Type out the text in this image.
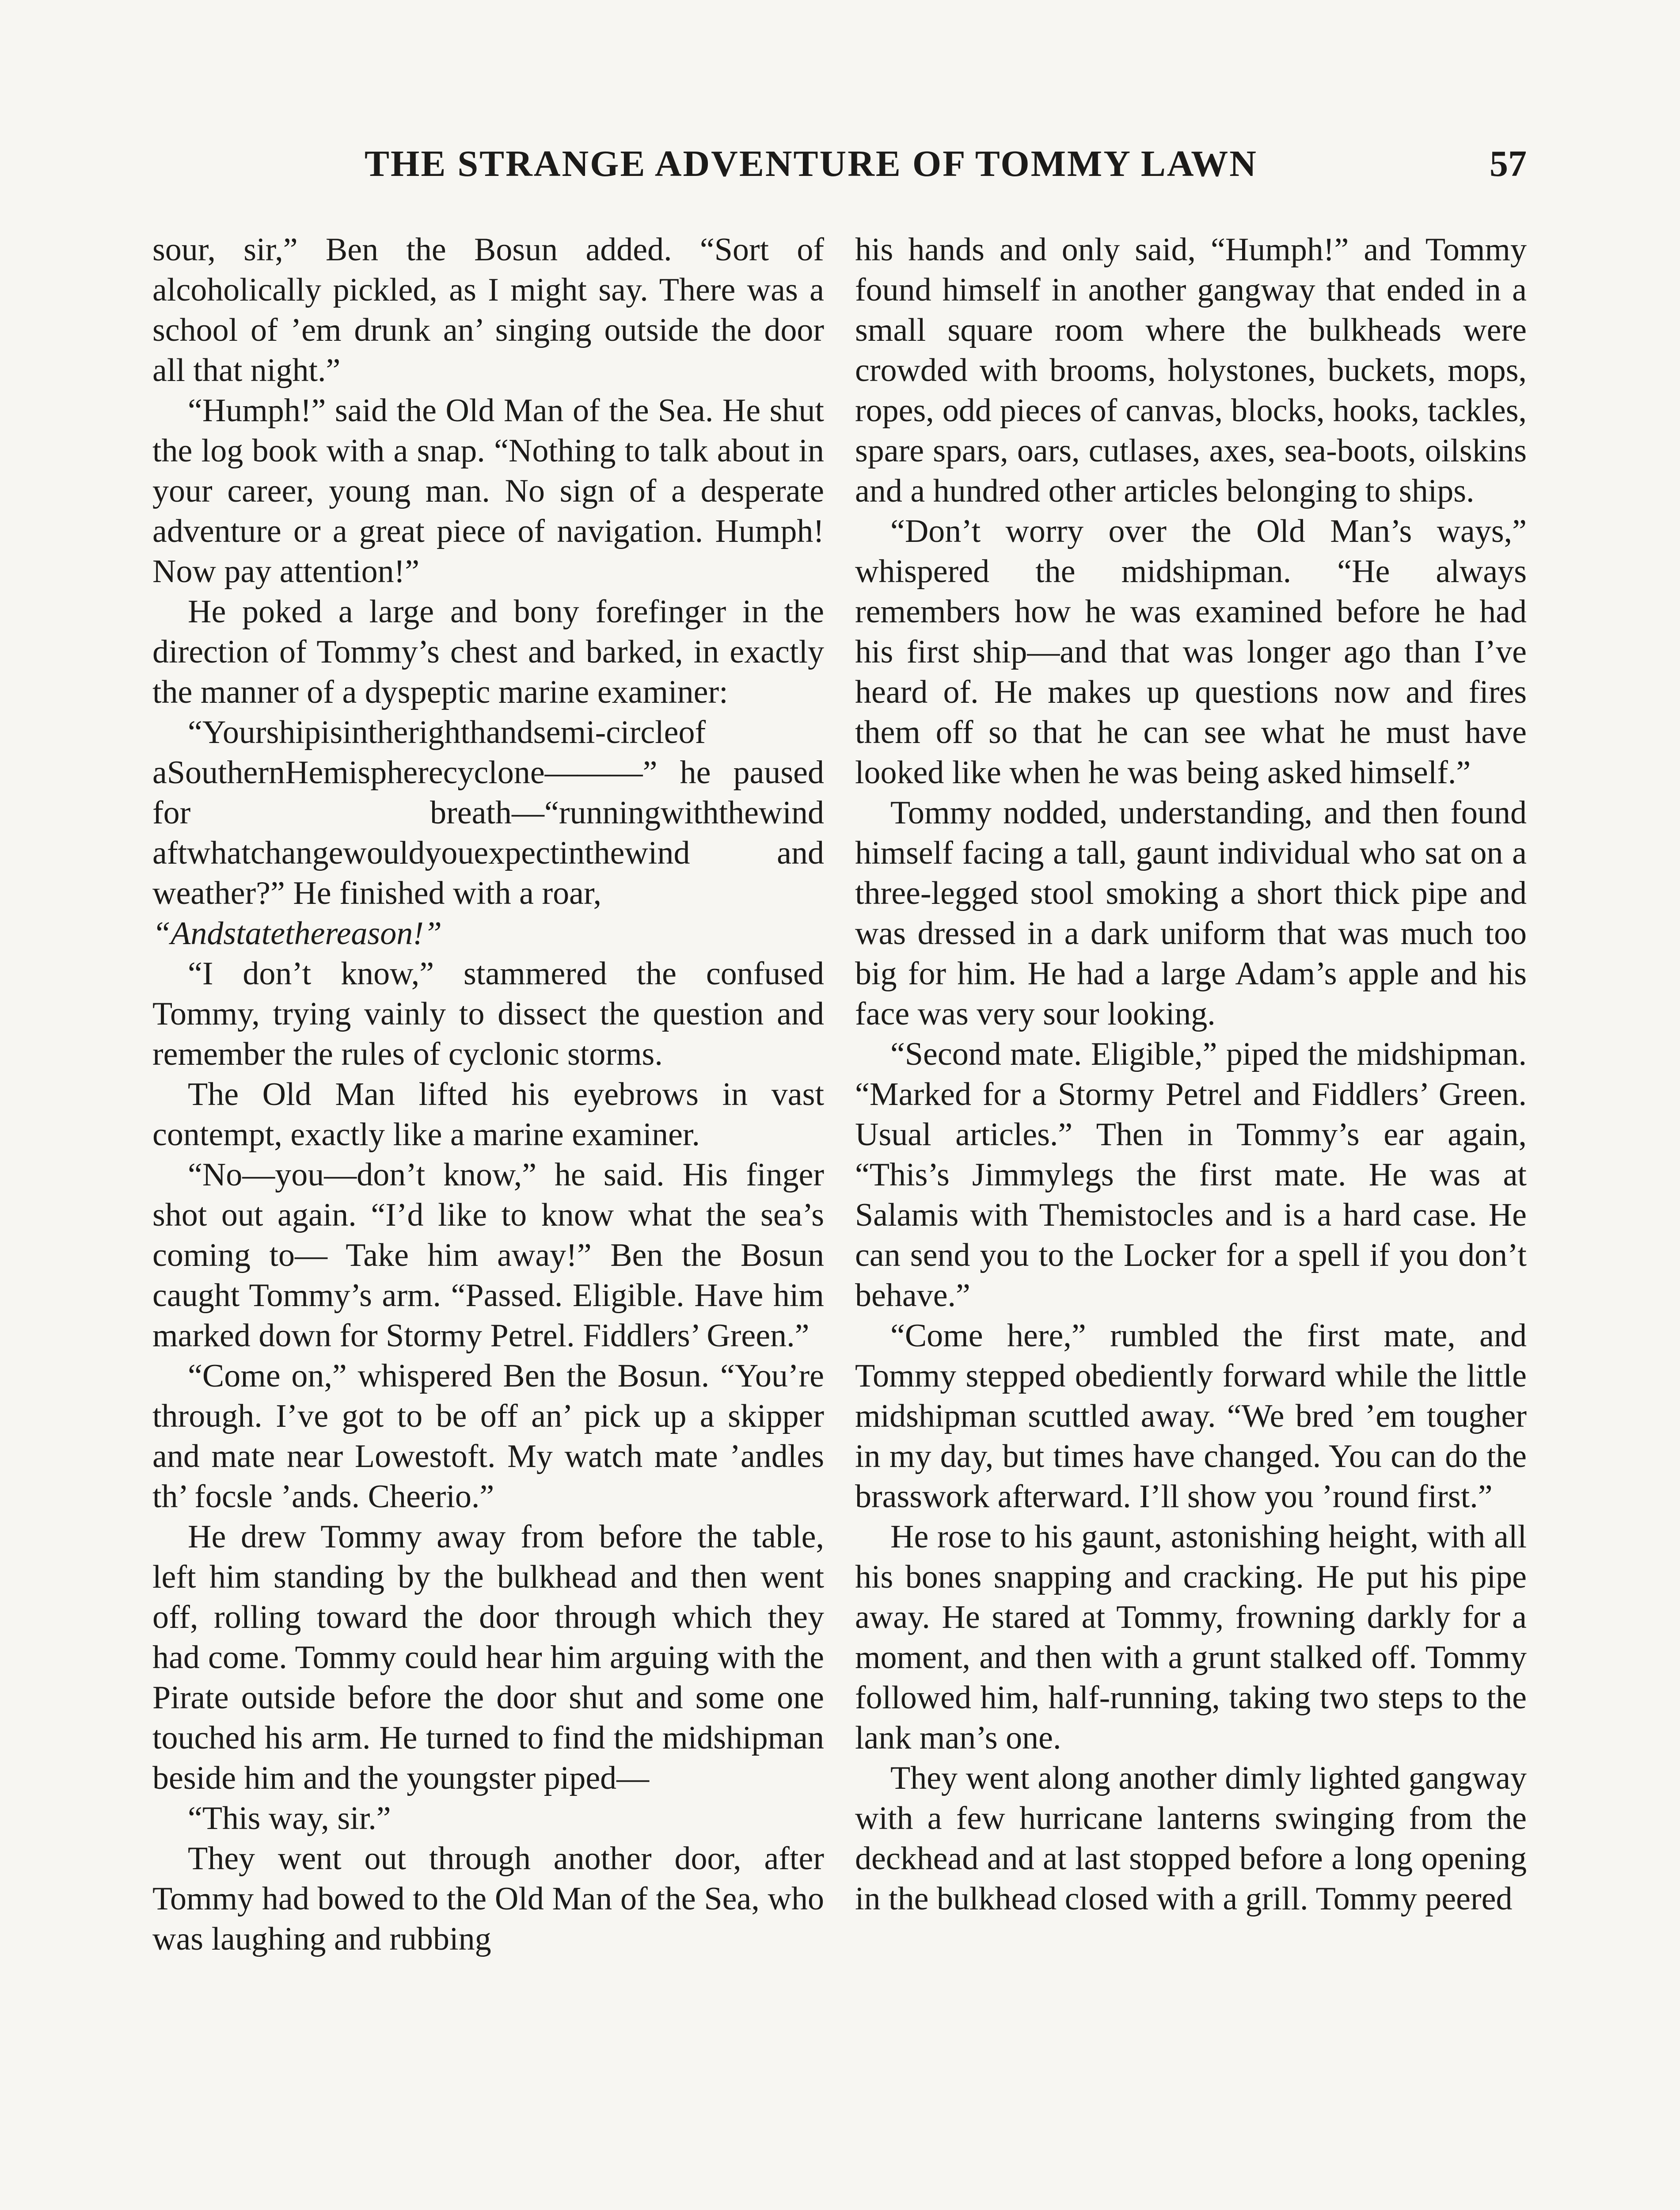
THE STRANGE ADVENTURE OF TOMMY LAWN	57

sour, sir,” Ben the Bosun added. “Sort of alcoholically pickled, as I might say. There was a school of ’em drunk an’ singing outside the door all that night.”

“Humph!” said the Old Man of the Sea. He shut the log book with a snap. “Nothing to talk about in your career, young man. No sign of a desperate adventure or a great piece of navigation. Humph! Now pay attention!”

He poked a large and bony forefinger in the direction of Tommy’s chest and barked, in exactly the manner of a dyspeptic marine examiner:

“Yourshipisintherighthandsemi-circleof aSouthernHemispherecyclone———” he paused for breath—“runningwiththewind aftwhatchangewouldyouexpectinthewind and weather?” He finished with a roar,

“Andstatethereason!”

“I don’t know,” stammered the confused Tommy, trying vainly to dissect the question and remember the rules of cyclonic storms.

The Old Man lifted his eyebrows in vast contempt, exactly like a marine examiner.

“No—you—don’t know,” he said. His finger shot out again. “I’d like to know what the sea’s coming to— Take him away!” Ben the Bosun caught Tommy’s arm. “Passed. Eligible. Have him marked down for Stormy Petrel. Fiddlers’ Green.”

“Come on,” whispered Ben the Bosun. “You’re through. I’ve got to be off an’ pick up a skipper and mate near Lowestoft. My watch mate ’andles th’ focsle ’ands. Cheerio.”

He drew Tommy away from before the table, left him standing by the bulkhead and then went off, rolling toward the door through which they had come. Tommy could hear him arguing with the Pirate outside before the door shut and some one touched his arm. He turned to find the midshipman beside him and the youngster piped—

“This way, sir.”

They went out through another door, after Tommy had bowed to the Old Man of the Sea, who was laughing and rubbing

his hands and only said, “Humph!” and Tommy found himself in another gangway that ended in a small square room where the bulkheads were crowded with brooms, holystones, buckets, mops, ropes, odd pieces of canvas, blocks, hooks, tackles, spare spars, oars, cutlases, axes, sea-boots, oilskins and a hundred other articles belonging to ships.

“Don’t worry over the Old Man’s ways,” whispered the midshipman. “He always remembers how he was examined before he had his first ship—and that was longer ago than I’ve heard of. He makes up questions now and fires them off so that he can see what he must have looked like when he was being asked himself.”

Tommy nodded, understanding, and then found himself facing a tall, gaunt individual who sat on a three-legged stool smoking a short thick pipe and was dressed in a dark uniform that was much too big for him. He had a large Adam’s apple and his face was very sour looking.

“Second mate. Eligible,” piped the midshipman. “Marked for a Stormy Petrel and Fiddlers’ Green. Usual articles.” Then in Tommy’s ear again, “This’s Jimmylegs the first mate. He was at Salamis with Themistocles and is a hard case. He can send you to the Locker for a spell if you don’t behave.”

“Come here,” rumbled the first mate, and Tommy stepped obediently forward while the little midshipman scuttled away. “We bred ’em tougher in my day, but times have changed. You can do the brasswork afterward. I’ll show you ’round first.”

He rose to his gaunt, astonishing height, with all his bones snapping and cracking. He put his pipe away. He stared at Tommy, frowning darkly for a moment, and then with a grunt stalked off. Tommy followed him, half-running, taking two steps to the lank man’s one.

They went along another dimly lighted gangway with a few hurricane lanterns swinging from the deckhead and at last stopped before a long opening in the bulkhead closed with a grill. Tommy peered
